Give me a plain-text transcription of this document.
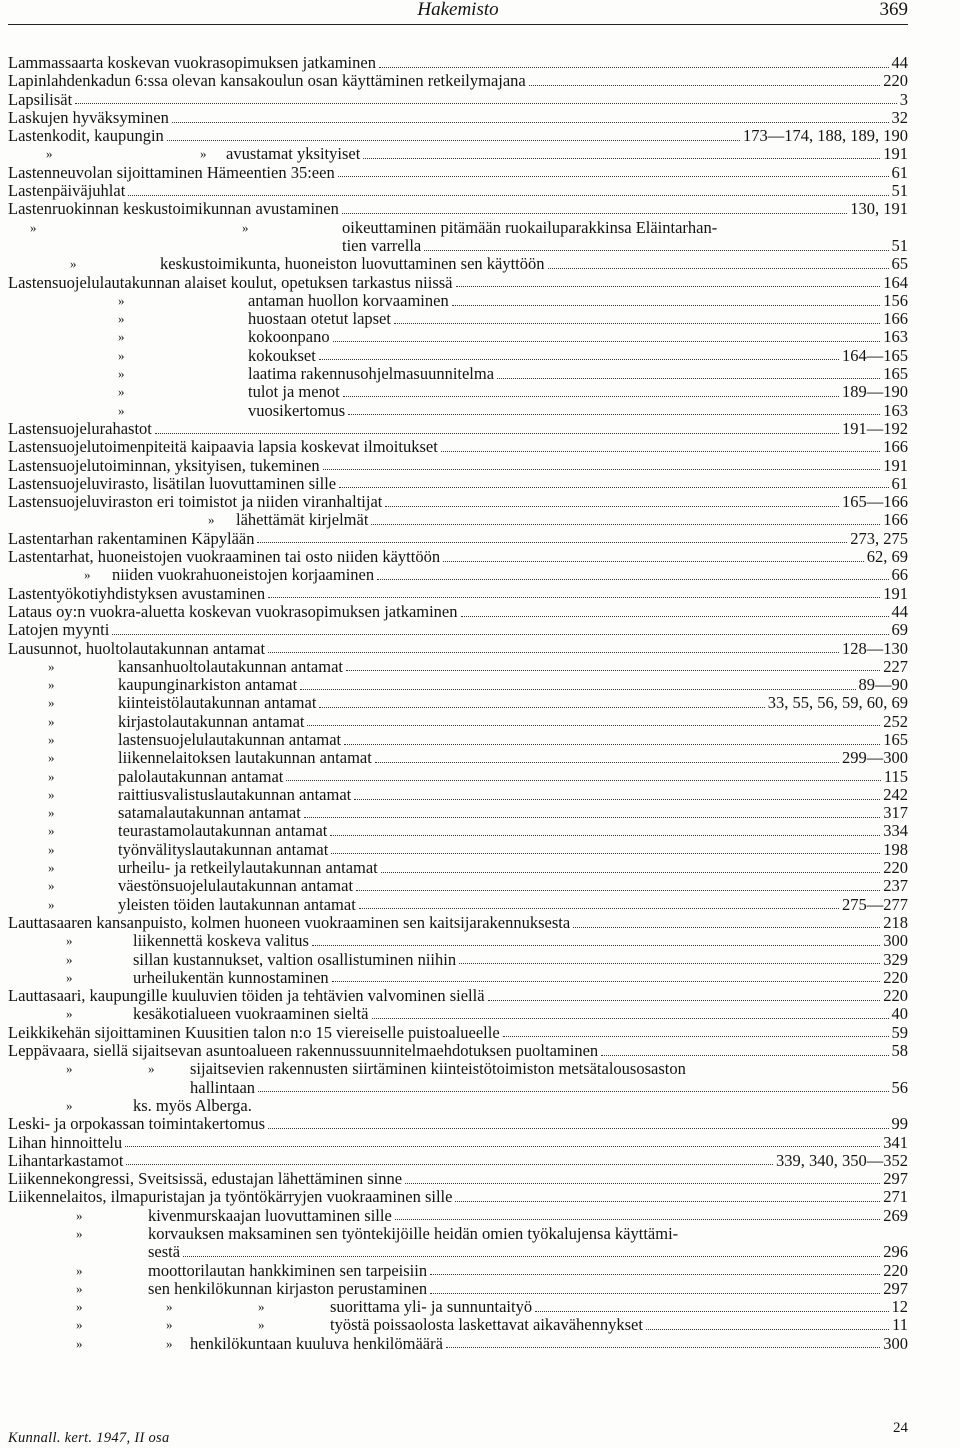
Hakemisto	369
Lammassaarta koskevan vuokrasopimuksen jatkaminen	44
Lapinlahdenkadun 6:ssa olevan kansakoulun osan käyttäminen retkeilymajana	220
Lapsilisät	3
Laskujen hyväksyminen	32
Lastenkodit, kaupungin	173—174, 188, 189, 190
»	» avustamat yksityiset	191
Lastenneuvolan sijoittaminen Hämeentien 35:een	61
Lastenpäiväjuhlat	51
Lastenruokinnan keskustoimikunnan avustaminen	130, 191
»	»	oikeuttaminen pitämään ruokailuparakkinsa Eläintarhan-
tien varrella	51
»	keskustoimikunta, huoneiston luovuttaminen sen käyttöön	65
Lastensuojelulautakunnan alaiset koulut, opetuksen tarkastus niissä	164
»	antaman huollon korvaaminen	156
»	huostaan otetut lapset	166
»	kokoonpano	163
»	kokoukset	164—165
»	laatima rakennusohjelmasuunnitelma	165
»	tulot ja menot	189—190
»	vuosikertomus	163
Lastensuojelurahastot	191—192
Lastensuojelutoimenpiteitä kaipaavia lapsia koskevat ilmoitukset	166
Lastensuojelutoiminnan, yksityisen, tukeminen	191
Lastensuojeluvirasto, lisätilan luovuttaminen sille	61
Lastensuojeluviraston eri toimistot ja niiden viranhaltijat	165—166
» lähettämät kirjelmät	166
Lastentarhan rakentaminen Käpylään	273, 275
Lastentarhat, huoneistojen vuokraaminen tai osto niiden käyttöön	62, 69
» niiden vuokrahuoneistojen korjaaminen	66
Lastentyökotiyhdistyksen avustaminen	191
Lataus oy:n vuokra-aluetta koskevan vuokrasopimuksen jatkaminen	44
Latojen myynti	69
Lausunnot, huoltolautakunnan antamat	128—130
»	kansanhuoltolautakunnan antamat	227
»	kaupunginarkiston antamat	89—90
»	kiinteistölautakunnan antamat	33, 55, 56, 59, 60, 69
»	kirjastolautakunnan antamat	252
»	lastensuojelulautakunnan antamat	165
»	liikennelaitoksen lautakunnan antamat	299—300
»	palolautakunnan antamat	115
»	raittiusvalistuslautakunnan antamat	242
»	satamalautakunnan antamat	317
»	teurastamolautakunnan antamat	334
»	työnvälityslautakunnan antamat	198
»	urheilu- ja retkeilylautakunnan antamat	220
»	väestönsuojelulautakunnan antamat	237
»	yleisten töiden lautakunnan antamat	275—277
Lauttasaaren kansanpuisto, kolmen huoneen vuokraaminen sen kaitsijarakennuksesta	218
»	liikennettä koskeva valitus	300
»	sillan kustannukset, valtion osallistuminen niihin	329
»	urheilukentän kunnostaminen	220
Lauttasaari, kaupungille kuuluvien töiden ja tehtävien valvominen siellä	220
»	kesäkotialueen vuokraaminen sieltä	40
Leikkikehän sijoittaminen Kuusitien talon n:o 15 viereiselle puistoalueelle	59
Leppävaara, siellä sijaitsevan asuntoalueen rakennussuunnitelmaehdotuksen puoltaminen	58
»	» sijaitsevien rakennusten siirtäminen kiinteistötoimiston metsätalousosaston
hallintaan	56
»	ks. myös Alberga.
Leski- ja orpokassan toimintakertomus	99
Lihan hinnoittelu	341
Lihantarkastamot	339, 340, 350—352
Liikennekongressi, Sveitsissä, edustajan lähettäminen sinne	297
Liikennelaitos, ilmapuristajan ja työntökärryjen vuokraaminen sille	271
»	kivenmurskaajan luovuttaminen sille	269
»	korvauksen maksaminen sen työntekijöille heidän omien työkalujensa käyttämi-
sestä	296
»	moottorilautan hankkiminen sen tarpeisiin	220
»	sen henkilökunnan kirjaston perustaminen	297
»	»	»	suorittama yli- ja sunnuntaityö	12
»	»	»	työstä poissaolosta laskettavat aikavähennykset	11
»	» henkilökuntaan kuuluva henkilömäärä	300
Kunnall. kert. 1947, II osa
24
